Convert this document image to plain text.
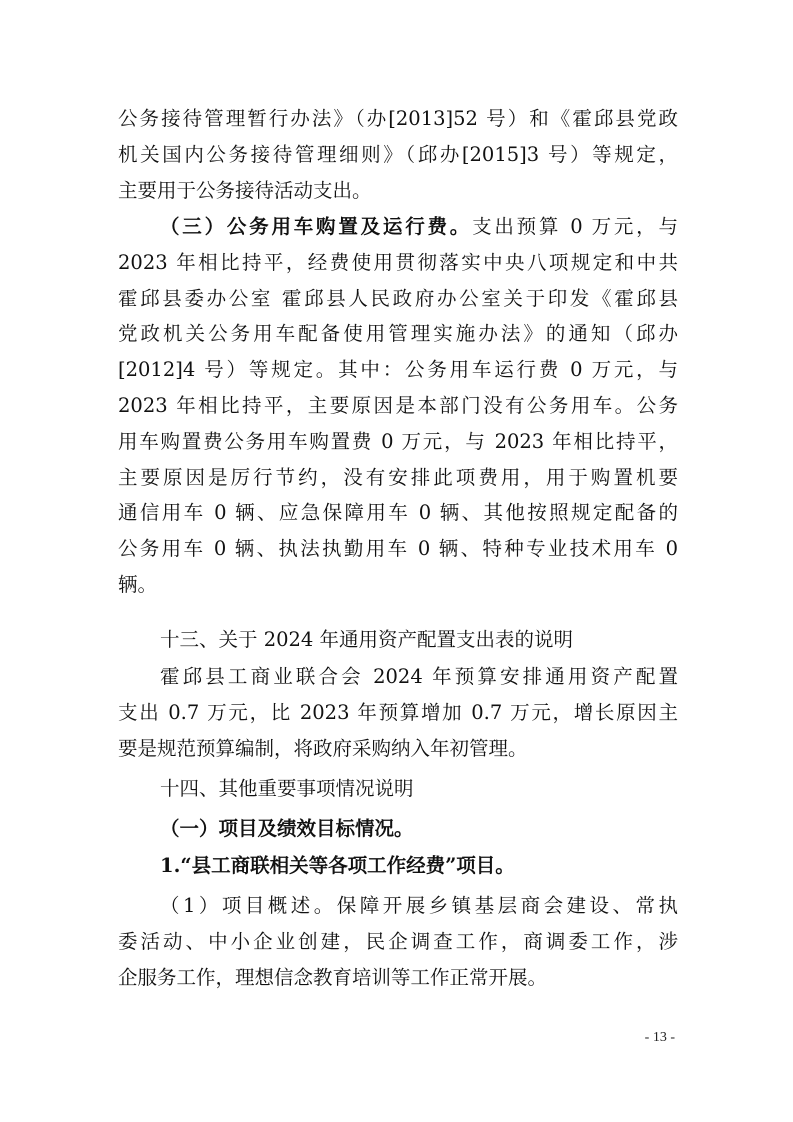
公务接待管理暂行办法》（办[2013]52 号）和《霍邱县党政
机关国内公务接待管理细则》（邱办[2015]3 号）等规定，
主要用于公务接待活动支出。
（三）公务用车购置及运行费。支出预算 0 万元，与
2023 年相比持平，经费使用贯彻落实中央八项规定和中共
霍邱县委办公室 霍邱县人民政府办公室关于印发《霍邱县
党政机关公务用车配备使用管理实施办法》的通知（邱办
[2012]4 号）等规定。其中：公务用车运行费 0 万元，与
2023 年相比持平，主要原因是本部门没有公务用车。公务
用车购置费公务用车购置费 0 万元，与 2023 年相比持平，
主要原因是厉行节约，没有安排此项费用，用于购置机要
通信用车 0 辆、应急保障用车 0 辆、其他按照规定配备的
公务用车 0 辆、执法执勤用车 0 辆、特种专业技术用车 0
辆。
十三、关于 2024 年通用资产配置支出表的说明
霍邱县工商业联合会 2024 年预算安排通用资产配置
支出 0.7 万元，比 2023 年预算增加 0.7 万元，增长原因主
要是规范预算编制，将政府采购纳入年初管理。
十四、其他重要事项情况说明
（一）项目及绩效目标情况。
1.“县工商联相关等各项工作经费”项目。
（1）项目概述。保障开展乡镇基层商会建设、常执
委活动、中小企业创建，民企调查工作，商调委工作，涉
企服务工作，理想信念教育培训等工作正常开展。
- 13 -
